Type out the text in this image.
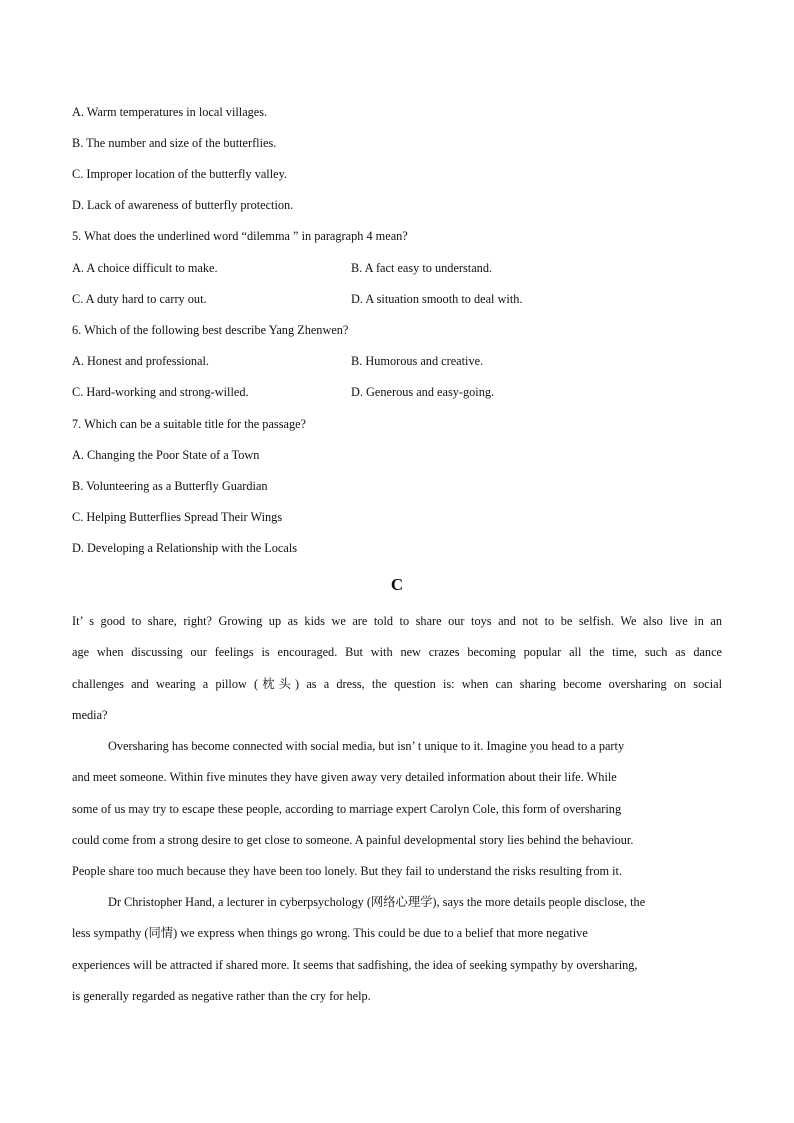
A. Warm temperatures in local villages.
B. The number and size of the butterflies.
C. Improper location of the butterfly valley.
D. Lack of awareness of butterfly protection.
5. What does the underlined word “dilemma ” in paragraph 4 mean?
A. A choice difficult to make.	B. A fact easy to understand.
C. A duty hard to carry out.	D. A situation smooth to deal with.
6. Which of the following best describe Yang Zhenwen?
A. Honest and professional.	B. Humorous and creative.
C. Hard-working and strong-willed.	D. Generous and easy-going.
7. Which can be a suitable title for the passage?
A. Changing the Poor State of a Town
B. Volunteering as a Butterfly Guardian
C. Helping Butterflies Spread Their Wings
D. Developing a Relationship with the Locals
C
It’ s good to share, right? Growing up as kids we are told to share our toys and not to be selfish. We also live in an
age when discussing our feelings is encouraged. But with new crazes becoming popular all the time, such as dance
challenges and wearing a pillow (枕头) as a dress, the question is: when can sharing become oversharing on social
media?
Oversharing has become connected with social media, but isn’ t unique to it. Imagine you head to a party
and meet someone. Within five minutes they have given away very detailed information about their life. While
some of us may try to escape these people, according to marriage expert Carolyn Cole, this form of oversharing
could come from a strong desire to get close to someone. A painful developmental story lies behind the behaviour.
People share too much because they have been too lonely. But they fail to understand the risks resulting from it.
Dr Christopher Hand, a lecturer in cyberpsychology (网络心理学), says the more details people disclose, the
less sympathy (同情) we express when things go wrong. This could be due to a belief that more negative
experiences will be attracted if shared more. It seems that sadfishing, the idea of seeking sympathy by oversharing,
is generally regarded as negative rather than the cry for help.
